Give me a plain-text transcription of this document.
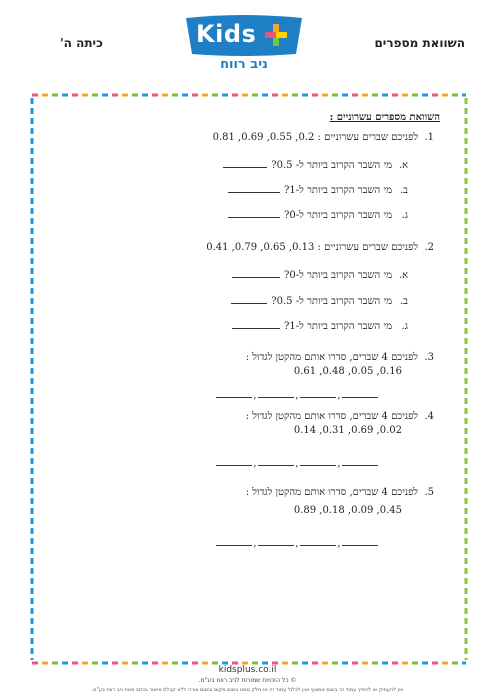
השוואת מספרים
כיתה ה'	Kids
ניב רווח
השוואת מספרים עשרוניים :
1.לפניכם שברים עשרוניים : 0.2, 0.55, 0.69, 0.81
א.מי השבר הקרוב ביותר ל- 0.5?
ב.מי השבר הקרוב ביותר ל-1?
ג.מי השבר הקרוב ביותר ל-0?
2.לפניכם שברים עשרוניים : 0.13, 0.65, 0.79, 0.41
א.מי השבר הקרוב ביותר ל-0?
ב.מי השבר הקרוב ביותר ל- 0.5?
ג.מי השבר הקרוב ביותר ל-1?
3.לפניכם 4 שברים, סדרו אותם מהקטן לגדול :
0.16, 0.05, 0.48, 0.61
,	,	,
4.לפניכם 4 שברים, סדרו אותם מהקטן לגדול :
0.02, 0.69, 0.31, 0.14
,	,	,
5.לפניכם 4 שברים, סדרו אותם מהקטן לגדול :
0.45, 0.09, 0.18, 0.89
,	,	,
kidsplus.co.il
© כל הזכויות שמורות לניב רווח בע"מ.
אין להעתיק או להפיץ עמוד זה בשום אמצעי ואין לכלול עמוד זה או חלק ממנו בשום מקום ובשום צורה ללא קבלת אישור בכתב מאת ניב רווח בע"מ.
